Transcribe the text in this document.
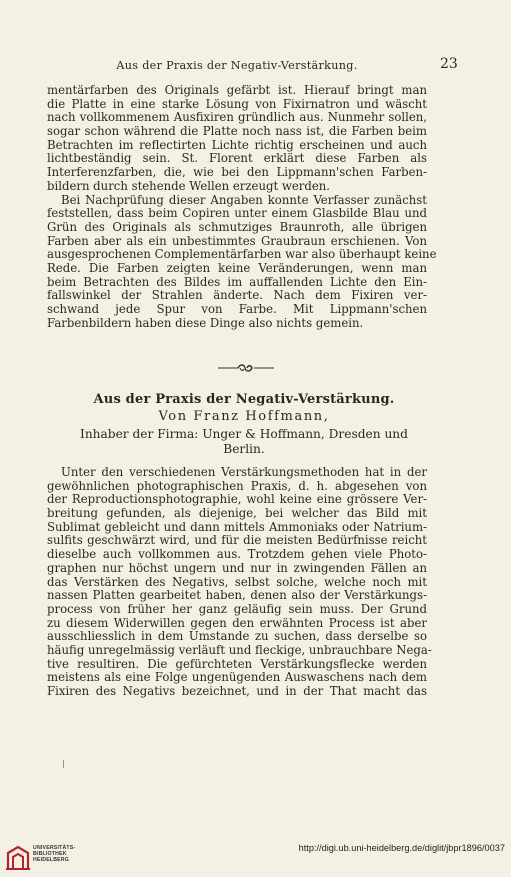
Aus der Praxis der Negativ-Verstärkung.	23
mentärfarben des Originals gefärbt ist. Hierauf bringt man
die Platte in eine starke Lösung von Fixirnatron und wäscht
nach vollkommenem Ausfixiren gründlich aus. Nunmehr sollen,
sogar schon während die Platte noch nass ist, die Farben beim
Betrachten im reflectirten Lichte richtig erscheinen und auch
lichtbeständig sein. St. Florent erklärt diese Farben als
Interferenzfarben, die, wie bei den Lippmann'schen Farben-
bildern durch stehende Wellen erzeugt werden.
Bei Nachprüfung dieser Angaben konnte Verfasser zunächst
feststellen, dass beim Copiren unter einem Glasbilde Blau und
Grün des Originals als schmutziges Braunroth, alle übrigen
Farben aber als ein unbestimmtes Graubraun erschienen. Von
ausgesprochenen Complementärfarben war also überhaupt keine
Rede. Die Farben zeigten keine Veränderungen, wenn man
beim Betrachten des Bildes im auffallenden Lichte den Ein-
fallswinkel der Strahlen änderte. Nach dem Fixiren ver-
schwand jede Spur von Farbe. Mit Lippmann'schen
Farbenbildern haben diese Dinge also nichts gemein.
Aus der Praxis der Negativ-Verstärkung.
Von Franz Hoffmann,
Inhaber der Firma: Unger & Hoffmann, Dresden und
Berlin.
Unter den verschiedenen Verstärkungsmethoden hat in der
gewöhnlichen photographischen Praxis, d. h. abgesehen von
der Reproductionsphotographie, wohl keine eine grössere Ver-
breitung gefunden, als diejenige, bei welcher das Bild mit
Sublimat gebleicht und dann mittels Ammoniaks oder Natrium-
sulfits geschwärzt wird, und für die meisten Bedürfnisse reicht
dieselbe auch vollkommen aus. Trotzdem gehen viele Photo-
graphen nur höchst ungern und nur in zwingenden Fällen an
das Verstärken des Negativs, selbst solche, welche noch mit
nassen Platten gearbeitet haben, denen also der Verstärkungs-
process von früher her ganz geläufig sein muss. Der Grund
zu diesem Widerwillen gegen den erwähnten Process ist aber
ausschliesslich in dem Umstande zu suchen, dass derselbe so
häufig unregelmässig verläuft und fleckige, unbrauchbare Nega-
tive resultiren. Die gefürchteten Verstärkungsflecke werden
meistens als eine Folge ungenügenden Auswaschens nach dem
Fixiren des Negativs bezeichnet, und in der That macht das
UNIVERSITÄTS-
BIBLIOTHEK
HEIDELBERG
http://digi.ub.uni-heidelberg.de/diglit/jbpr1896/0037
